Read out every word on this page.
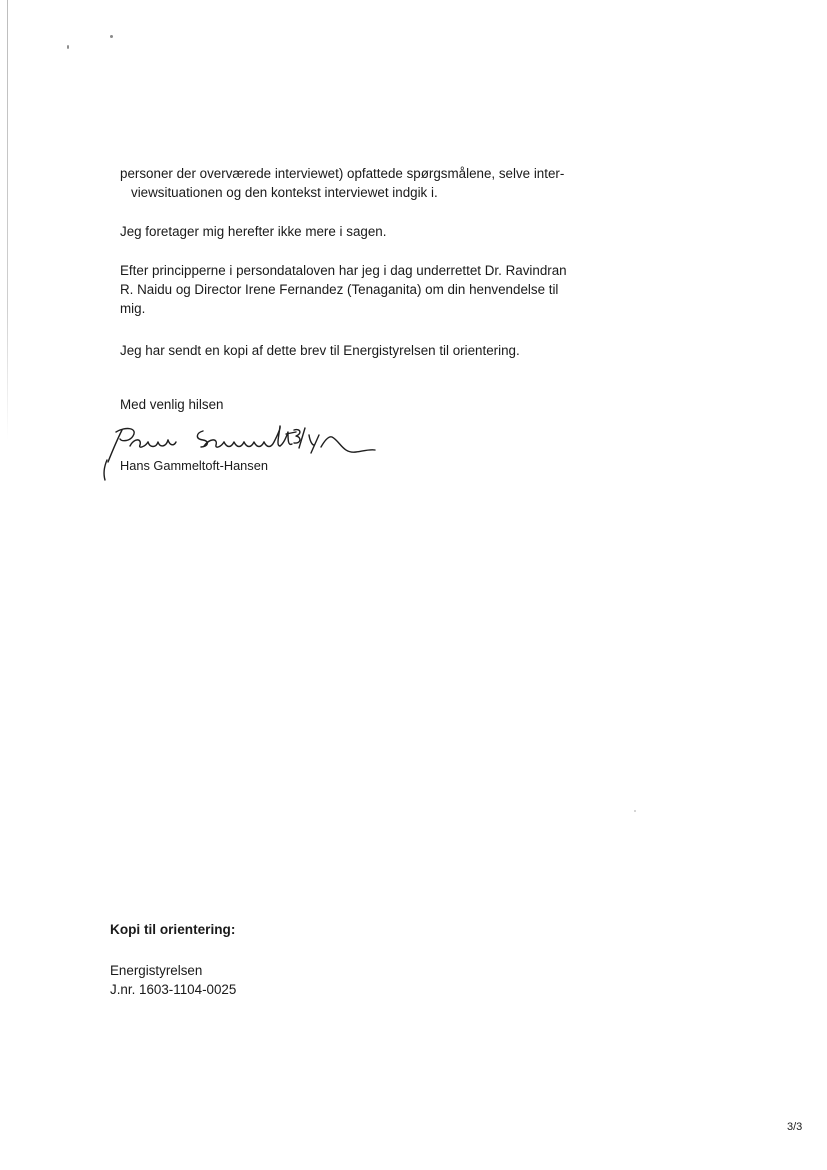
personer der overværede interviewet) opfattede spørgsmålene, selve inter-
viewsituationen og den kontekst interviewet indgik i.
Jeg foretager mig herefter ikke mere i sagen.
Efter principperne i persondataloven har jeg i dag underrettet Dr. Ravindran
R. Naidu og Director Irene Fernandez (Tenaganita) om din henvendelse til
mig.
Jeg har sendt en kopi af dette brev til Energistyrelsen til orientering.
Med venlig hilsen
Hans Gammeltoft-Hansen
Kopi til orientering:
Energistyrelsen
J.nr. 1603-1104-0025
3/3
